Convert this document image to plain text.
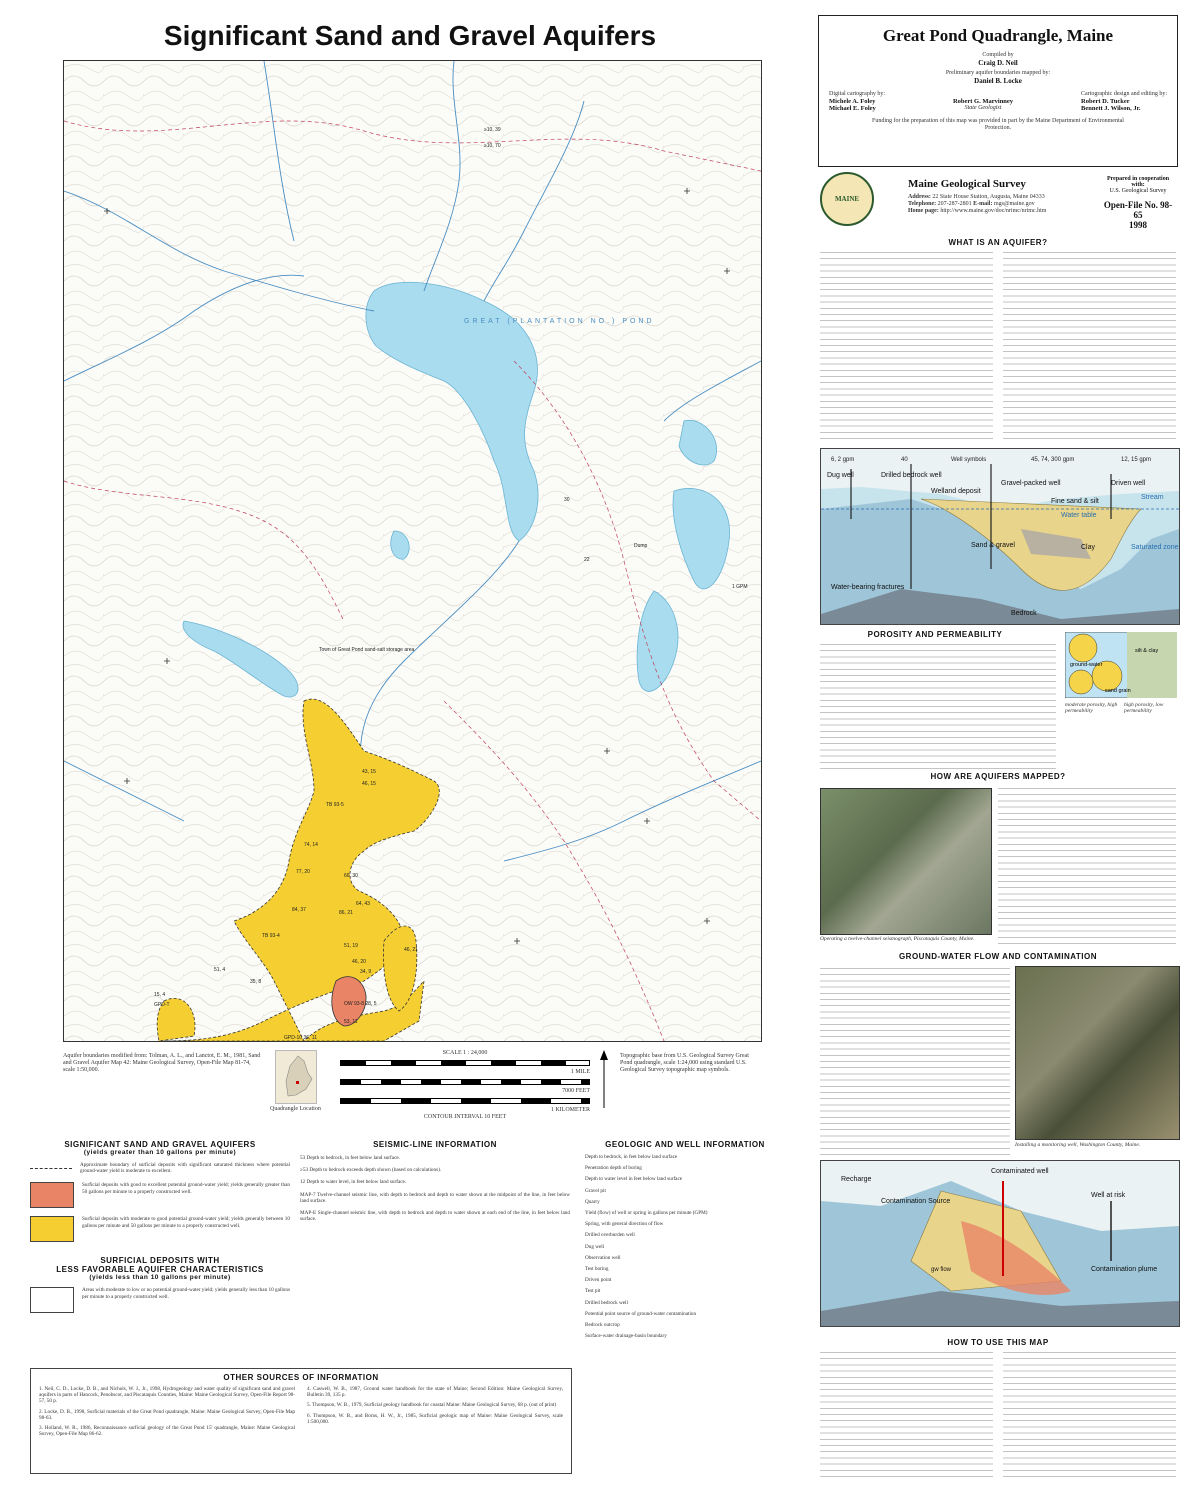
Significant Sand and Gravel Aquifers
≥10, 39
≥10, 70
30
22
Dump
1 GPM
43, 15
46, 15
TB 93-5
74, 14
77, 20
66, 30
64, 43
84, 37	86, 21
TB 93-4
51, 19
46, 21
46, 20
34, 9
51, 4
35, 8
OW 93-8 28, 5
53, 11
15, 4
GPD-T
GPD-10 36, 11
GREAT (PLANTATION NO.) POND
Town of Great Pond sand-salt storage area
Aquifer boundaries modified from: Tolman, A. L., and Lanctot, E. M., 1981, Sand and Gravel Aquifer Map 42: Maine Geological Survey, Open-File Map 81-74, scale 1:50,000.
Quadrangle Location
SCALE 1 : 24,000
1 MILE
7000 FEET
1 KILOMETER
CONTOUR INTERVAL 10 FEET
Topographic base from U.S. Geological Survey Great Pond quadrangle, scale 1:24,000 using standard U.S. Geological Survey topographic map symbols.
SIGNIFICANT SAND AND GRAVEL AQUIFERS
(yields greater than 10 gallons per minute)
Approximate boundary of surficial deposits with significant saturated thickness where potential ground-water yield is moderate to excellent.
Surficial deposits with good to excellent potential ground-water yield; yields generally greater than 50 gallons per minute to a properly constructed well.
Surficial deposits with moderate to good potential ground-water yield; yields generally between 10 gallons per minute and 50 gallons per minute to a properly constructed well.
SURFICIAL DEPOSITS WITH
LESS FAVORABLE AQUIFER CHARACTERISTICS
(yields less than 10 gallons per minute)
Areas with moderate to low or no potential ground-water yield; yields generally less than 10 gallons per minute to a properly constructed well.
SEISMIC-LINE INFORMATION
53 Depth to bedrock, in feet below land surface.
≥53 Depth to bedrock exceeds depth shown (based on calculations).
12 Depth to water level, in feet below land surface.
MAP-7 Twelve-channel seismic line, with depth to bedrock and depth to water shown at the midpoint of the line, in feet below land surface.
MAP-E Single-channel seismic line, with depth to bedrock and depth to water shown at each end of the line, in feet below land surface.
GEOLOGIC AND WELL INFORMATION
Depth to bedrock, in feet below land surface
Penetration depth of boring
Depth to water level in feet below land surface
Gravel pit
Quarry
Yield (flow) of well or spring in gallons per minute (GPM)
Spring, with general direction of flow
Drilled overburden well
Dug well
Observation well
Test boring
Driven point
Test pit
Drilled bedrock well
Potential point source of ground-water contamination
Bedrock outcrop
Surface-water drainage-basin boundary
OTHER SOURCES OF INFORMATION
1. Neil, C. D., Locke, D. B., and Nichols, W. J., Jr., 1998, Hydrogeology and water quality of significant sand and gravel aquifers in parts of Hancock, Penobscot, and Piscataquis Counties, Maine: Maine Geological Survey, Open-File Report 98-57, 50 p.
2. Locke, D. B., 1998, Surficial materials of the Great Pond quadrangle, Maine: Maine Geological Survey, Open-File Map 98-63.
3. Holland, W. R., 1986, Reconnaissance surficial geology of the Great Pond 15' quadrangle, Maine: Maine Geological Survey, Open-File Map 86-62.
4. Caswell, W. B., 1987, Ground water handbook for the state of Maine; Second Edition: Maine Geological Survey, Bulletin 39, 135 p.
5. Thompson, W. B., 1979, Surficial geology handbook for coastal Maine: Maine Geological Survey, 68 p. (out of print)
6. Thompson, W. B., and Borns, H. W., Jr., 1985, Surficial geologic map of Maine: Maine Geological Survey, scale 1:500,000.
Great Pond Quadrangle, Maine
Compiled by
Craig D. Neil
Preliminary aquifer boundaries mapped by:
Daniel B. Locke
Digital cartography by:
Michele A. Foley
Michael E. Foley
Robert G. Marvinney
State Geologist
Cartographic design and editing by:
Robert D. Tucker
Bennett J. Wilson, Jr.
Funding for the preparation of this map was provided in part by the Maine Department of Environmental Protection.
MAINE
Maine Geological Survey
Address: 22 State House Station, Augusta, Maine 04333
Telephone: 207-287-2801 E-mail: mgs@maine.gov
Home page: http://www.maine.gov/doc/nrimc/nrimc.htm
Prepared in cooperation with:
U.S. Geological Survey
Open-File No. 98-65
1998
WHAT IS AN AQUIFER?
6, 2 gpm	40	Well symbols	45, 74, 300 gpm	12, 15 gpm
Dug well	Drilled bedrock well
Gravel-packed well
Welland deposit
Fine sand & silt
Driven well
Stream
Water table
Clay	Saturated zone
Water-bearing fractures
Bedrock
Sand & gravel
POROSITY AND PERMEABILITY
ground-water
sand grain
silt & clay
moderate porosity, high permeability
high porosity, low permeability
HOW ARE AQUIFERS MAPPED?
Operating a twelve-channel seismograph, Piscataquis County, Maine.
GROUND-WATER FLOW AND CONTAMINATION
Installing a monitoring well, Washington County, Maine.
Recharge
Contamination Source
Contaminated well
Well at risk
Contamination plume
gw flow
HOW TO USE THIS MAP
